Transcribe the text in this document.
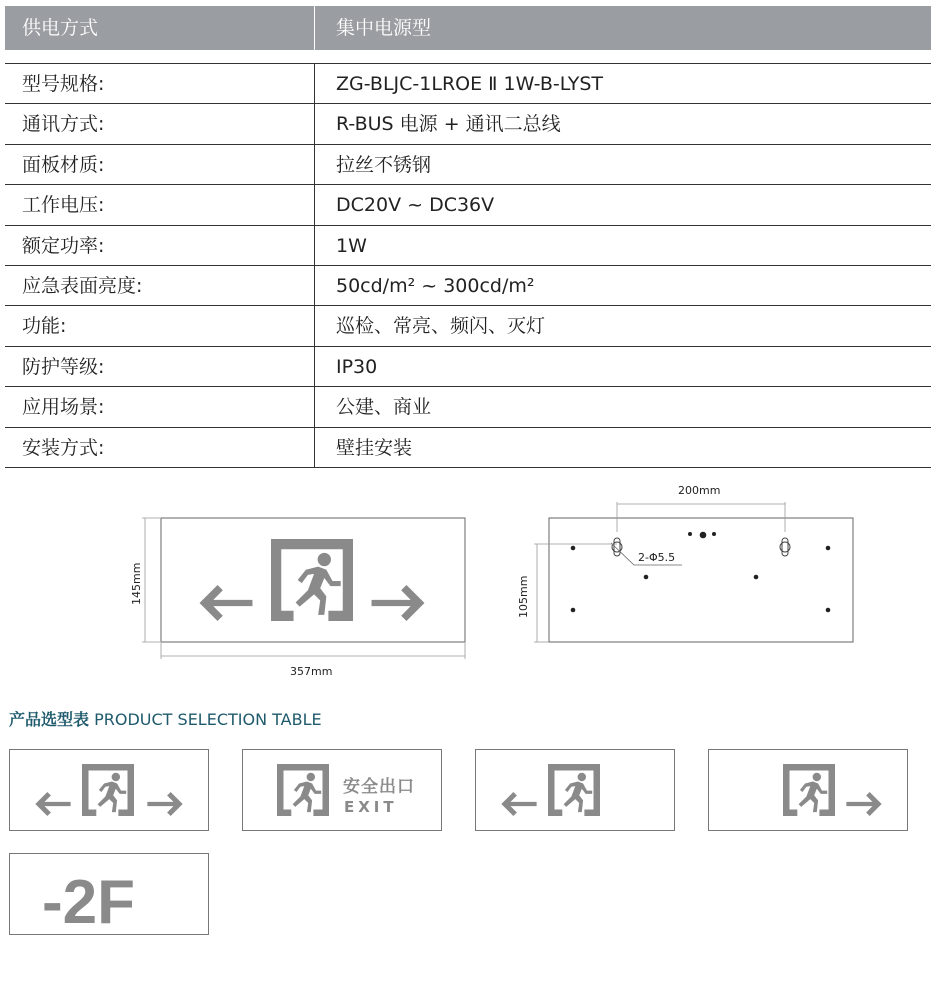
供电方式	集中电源型
型号规格:	ZG-BLJC-1LROE Ⅱ 1W-B-LYST
通讯方式:	R-BUS 电源 + 通讯二总线
面板材质:	拉丝不锈钢
工作电压:	DC20V ~ DC36V
额定功率:	1W
应急表面亮度:	50cd/m² ~ 300cd/m²
功能:	巡检、常亮、频闪、灭灯
防护等级:	IP30
应用场景:	公建、商业
安装方式:	壁挂安装
145mm
357mm
200mm
2-Φ5.5
105mm
产品选型表 PRODUCT SELECTION TABLE
安全出口
EXIT
-2F
